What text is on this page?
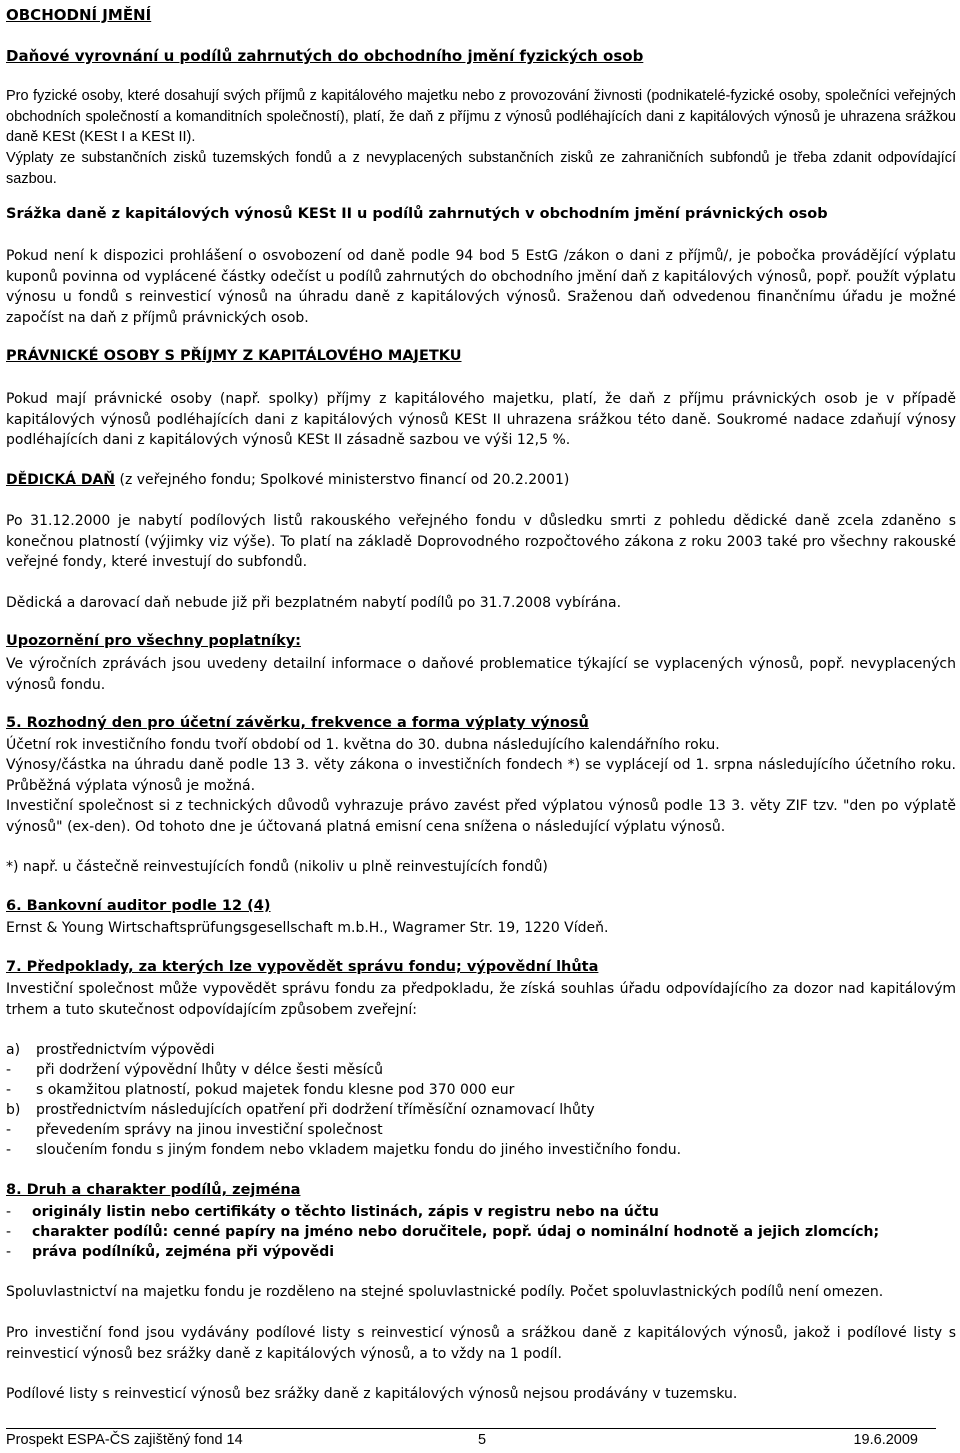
OBCHODNÍ JMĚNÍ
Daňové vyrovnání u podílů zahrnutých do obchodního jmění fyzických osob

Pro fyzické osoby, které dosahují svých příjmů z kapitálového majetku nebo z provozování živnosti (podnikatelé-fyzické osoby, společníci veřejných obchodních společností a komanditních společností), platí, že daň z příjmu z výnosů podléhajících dani z kapitálových výnosů je uhrazena srážkou daně KESt (KESt I a KESt II).

Výplaty ze substančních zisků tuzemských fondů a z nevyplacených substančních zisků ze zahraničních subfondů je třeba zdanit odpovídající sazbou.

Srážka daně z kapitálových výnosů KESt II u podílů zahrnutých v obchodním jmění právnických osob

Pokud není k dispozici prohlášení o osvobození od daně podle 94 bod 5 EstG /zákon o dani z příjmů/, je pobočka provádějící výplatu kuponů povinna od vyplácené částky odečíst u podílů zahrnutých do obchodního jmění daň z kapitálových výnosů, popř. použít výplatu výnosu u fondů s reinvesticí výnosů na úhradu daně z kapitálových výnosů. Sraženou daň odvedenou finančnímu úřadu je možné započíst na daň z příjmů právnických osob.

PRÁVNICKÉ OSOBY S PŘÍJMY Z KAPITÁLOVÉHO MAJETKU

Pokud mají právnické osoby (např. spolky) příjmy z kapitálového majetku, platí, že daň z příjmu právnických osob je v případě kapitálových výnosů podléhajících dani z kapitálových výnosů KESt II uhrazena srážkou této daně. Soukromé nadace zdaňují výnosy podléhajících dani z kapitálových výnosů KESt II zásadně sazbou ve výši 12,5 %.

DĚDICKÁ DAŇ (z veřejného fondu; Spolkové ministerstvo financí od 20.2.2001)

Po 31.12.2000 je nabytí podílových listů rakouského veřejného fondu v důsledku smrti z pohledu dědické daně zcela zdaněno s konečnou platností (výjimky viz výše). To platí na základě Doprovodného rozpočtového zákona z roku 2003 také pro všechny rakouské veřejné fondy, které investují do subfondů.

Dědická a darovací daň nebude již při bezplatném nabytí podílů po 31.7.2008 vybírána.

Upozornění pro všechny poplatníky:

Ve výročních zprávách jsou uvedeny detailní informace o daňové problematice týkající se vyplacených výnosů, popř. nevyplacených výnosů fondu.

5. Rozhodný den pro účetní závěrku, frekvence a forma výplaty výnosů

Účetní rok investičního fondu tvoří období od 1. května do 30. dubna následujícího kalendářního roku.

Výnosy/částka na úhradu daně podle 13 3. věty zákona o investičních fondech *) se vyplácejí od 1. srpna následujícího účetního roku. Průběžná výplata výnosů je možná.

Investiční společnost si z technických důvodů vyhrazuje právo zavést před výplatou výnosů podle 13 3. věty ZIF tzv. "den po výplatě výnosů" (ex-den). Od tohoto dne je účtovaná platná emisní cena snížena o následující výplatu výnosů.

*) např. u částečně reinvestujících fondů (nikoliv u plně reinvestujících fondů)

6. Bankovní auditor podle 12 (4)

Ernst & Young Wirtschaftsprüfungsgesellschaft m.b.H., Wagramer Str. 19, 1220 Vídeň.

7. Předpoklady, za kterých lze vypovědět správu fondu; výpovědní lhůta

Investiční společnost může vypovědět správu fondu za předpokladu, že získá souhlas úřadu odpovídajícího za dozor nad kapitálovým trhem a tuto skutečnost odpovídajícím způsobem zveřejní:

a) prostřednictvím výpovědi
- při dodržení výpovědní lhůty v délce šesti měsíců
- s okamžitou platností, pokud majetek fondu klesne pod 370 000 eur
b) prostřednictvím následujících opatření při dodržení tříměsíční oznamovací lhůty
- převedením správy na jinou investiční společnost
- sloučením fondu s jiným fondem nebo vkladem majetku fondu do jiného investičního fondu.
8. Druh a charakter podílů, zejména
- originály listin nebo certifikáty o těchto listinách, zápis v registru nebo na účtu
- charakter podílů: cenné papíry na jméno nebo doručitele, popř. údaj o nominální hodnotě a jejich zlomcích;
- práva podílníků, zejména při výpovědi

Spoluvlastnictví na majetku fondu je rozděleno na stejné spoluvlastnické podíly. Počet spoluvlastnických podílů není omezen.

Pro investiční fond jsou vydávány podílové listy s reinvesticí výnosů a srážkou daně z kapitálových výnosů, jakož i podílové listy s reinvesticí výnosů bez srážky daně z kapitálových výnosů, a to vždy na 1 podíl.

Podílové listy s reinvesticí výnosů bez srážky daně z kapitálových výnosů nejsou prodávány v tuzemsku.

Prospekt ESPA-ČS zajištěný fond 14	5	19.6.2009
